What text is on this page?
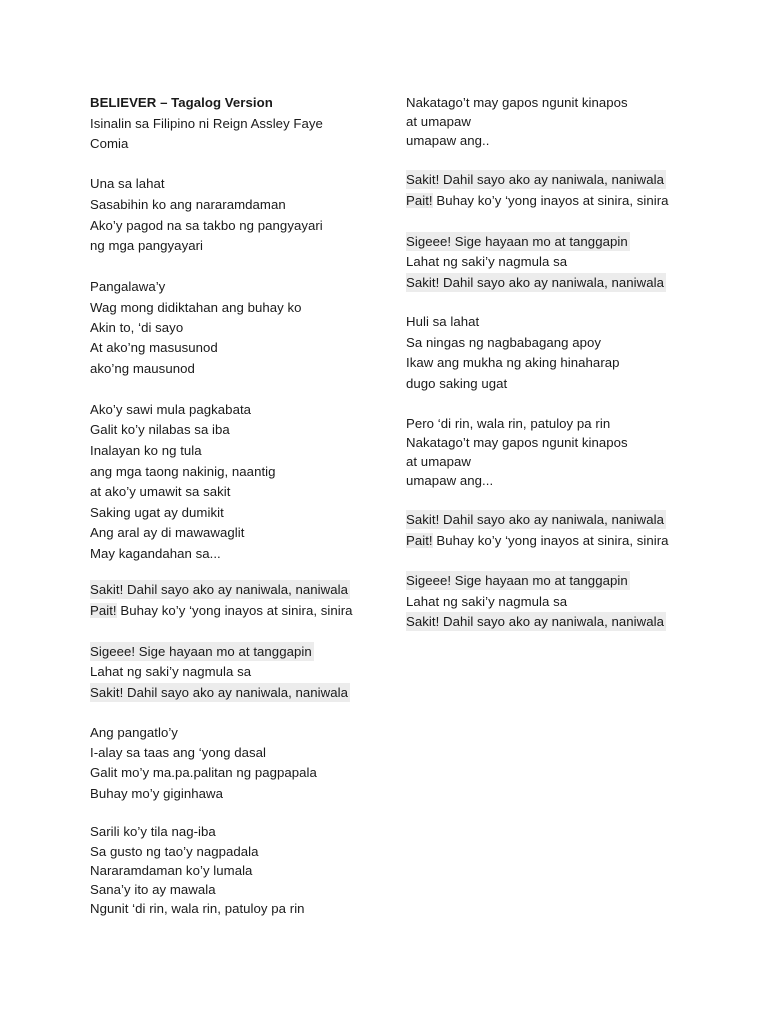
BELIEVER – Tagalog Version
Isinalin sa Filipino ni Reign Assley Faye
Comia
Una sa lahat
Sasabihin ko ang nararamdaman
Ako’y pagod na sa takbo ng pangyayari
ng mga pangyayari
Pangalawa’y
Wag mong didiktahan ang buhay ko
Akin to, ‘di sayo
At ako’ng masusunod
ako’ng mausunod
Ako’y sawi mula pagkabata
Galit ko’y nilabas sa iba
Inalayan ko ng tula
ang mga taong nakinig, naantig
at ako’y umawit sa sakit
Saking ugat ay dumikit
Ang aral ay di mawawaglit
May kagandahan sa...
Sakit! Dahil sayo ako ay naniwala, naniwala
Pait! Buhay ko’y ‘yong inayos at sinira, sinira
Sigeee! Sige hayaan mo at tanggapin
Lahat ng saki’y nagmula sa
Sakit! Dahil sayo ako ay naniwala, naniwala
Ang pangatlo’y
I-alay sa taas ang ‘yong dasal
Galit mo’y ma.pa.palitan ng pagpapala
Buhay mo’y giginhawa
Sarili ko’y tila nag-iba
Sa gusto ng tao’y nagpadala
Nararamdaman ko’y lumala
Sana’y ito ay mawala
Ngunit ‘di rin, wala rin, patuloy pa rin
Nakatago’t may gapos ngunit kinapos
at umapaw
umapaw ang..
Sakit! Dahil sayo ako ay naniwala, naniwala
Pait! Buhay ko’y ‘yong inayos at sinira, sinira
Sigeee! Sige hayaan mo at tanggapin
Lahat ng saki’y nagmula sa
Sakit! Dahil sayo ako ay naniwala, naniwala
Huli sa lahat
Sa ningas ng nagbabagang apoy
Ikaw ang mukha ng aking hinaharap
dugo saking ugat
Pero ‘di rin, wala rin, patuloy pa rin
Nakatago’t may gapos ngunit kinapos
at umapaw
umapaw ang...
Sakit! Dahil sayo ako ay naniwala, naniwala
Pait! Buhay ko’y ‘yong inayos at sinira, sinira
Sigeee! Sige hayaan mo at tanggapin
Lahat ng saki’y nagmula sa
Sakit! Dahil sayo ako ay naniwala, naniwala
